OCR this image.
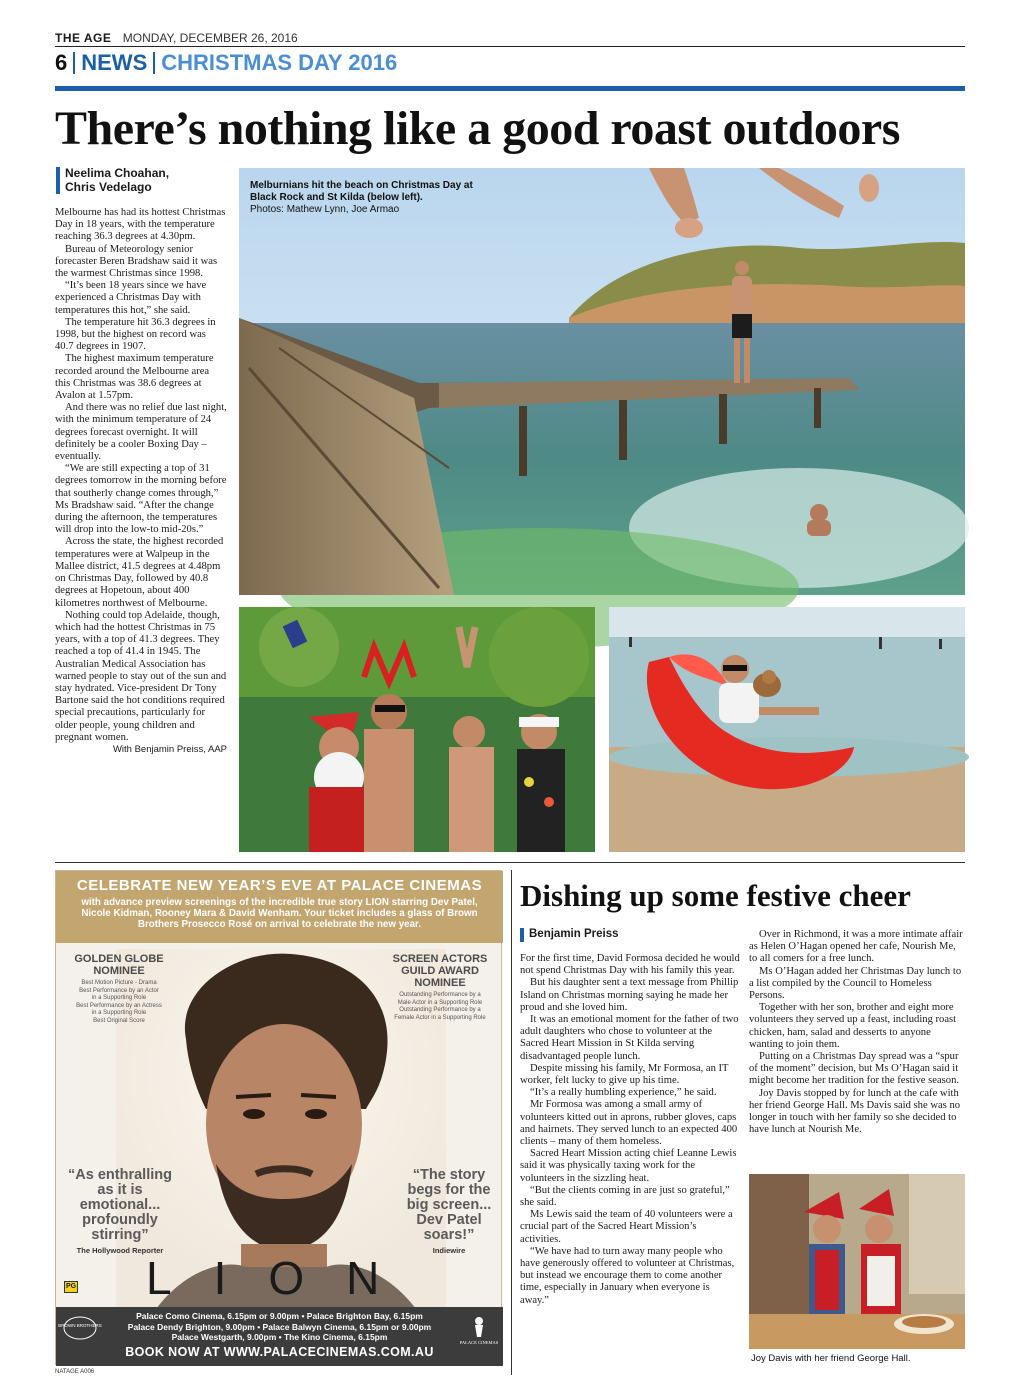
THE AGE MONDAY, DECEMBER 26, 2016
6 NEWS CHRISTMAS DAY 2016
There’s nothing like a good roast outdoors
Neelima Choahan,
Chris Vedelago

Melbourne has had its hottest Christmas Day in 18 years, with the temperature reaching 36.3 degrees at 4.30pm.

Bureau of Meteorology senior forecaster Beren Bradshaw said it was the warmest Christmas since 1998.

“It’s been 18 years since we have experienced a Christmas Day with temperatures this hot,” she said.

The temperature hit 36.3 degrees in 1998, but the highest on record was 40.7 degrees in 1907.

The highest maximum temperature recorded around the Melbourne area this Christmas was 38.6 degrees at Avalon at 1.57pm.

And there was no relief due last night, with the minimum temperature of 24 degrees forecast overnight. It will definitely be a cooler Boxing Day – eventually.

“We are still expecting a top of 31 degrees tomorrow in the morning before that southerly change comes through,” Ms Bradshaw said. “After the change during the afternoon, the temperatures will drop into the low-to mid-20s.”

Across the state, the highest recorded temperatures were at Walpeup in the Mallee district, 41.5 degrees at 4.48pm on Christmas Day, followed by 40.8 degrees at Hopetoun, about 400 kilometres northwest of Melbourne.

Nothing could top Adelaide, though, which had the hottest Christmas in 75 years, with a top of 41.3 degrees. They reached a top of 41.4 in 1945. The Australian Medical Association has warned people to stay out of the sun and stay hydrated. Vice-president Dr Tony Bartone said the hot conditions required special precautions, particularly for older people, young children and pregnant women.

With Benjamin Preiss, AAP

Melburnians hit the beach on Christmas Day at Black Rock and St Kilda (below left).
Photos: Mathew Lynn, Joe Armao
CELEBRATE NEW YEAR’S EVE AT PALACE CINEMAS
with advance preview screenings of the incredible true story LION starring Dev Patel, Nicole Kidman, Rooney Mara & David Wenham. Your ticket includes a glass of Brown Brothers Prosecco Rosé on arrival to celebrate the new year.
GOLDEN GLOBE NOMINEE
Best Motion Picture - Drama
Best Performance by an Actor
in a Supporting Role
Best Performance by an Actress
in a Supporting Role
Best Original Score
SCREEN ACTORS GUILD AWARD NOMINEE
Outstanding Performance by a
Male Actor in a Supporting Role
Outstanding Performance by a
Female Actor in a Supporting Role
“As enthralling as it is emotional... profoundly stirring”
The Hollywood Reporter
“The story begs for the big screen... Dev Patel soars!”
Indiewire
PG LION
BROWN BROTHERS
PALACE CINEMAS
Palace Como Cinema, 6.15pm or 9.00pm • Palace Brighton Bay, 6.15pm
Palace Dendy Brighton, 9.00pm • Palace Balwyn Cinema, 6.15pm or 9.00pm
Palace Westgarth, 9.00pm • The Kino Cinema, 6.15pm
BOOK NOW AT WWW.PALACECINEMAS.COM.AU
NATAGE A006
Dishing up some festive cheer
Benjamin Preiss

For the first time, David Formosa decided he would not spend Christmas Day with his family this year.

But his daughter sent a text message from Phillip Island on Christmas morning saying he made her proud and she loved him.

It was an emotional moment for the father of two adult daughters who chose to volunteer at the Sacred Heart Mission in St Kilda serving disadvantaged people lunch.

Despite missing his family, Mr Formosa, an IT worker, felt lucky to give up his time.

“It’s a really humbling experience,” he said.

Mr Formosa was among a small army of volunteers kitted out in aprons, rubber gloves, caps and hairnets. They served lunch to an expected 400 clients – many of them homeless.

Sacred Heart Mission acting chief Leanne Lewis said it was physically taxing work for the volunteers in the sizzling heat.

“But the clients coming in are just so grateful,” she said.

Ms Lewis said the team of 40 volunteers were a crucial part of the Sacred Heart Mission’s activities.

“We have had to turn away many people who have generously offered to volunteer at Christmas, but instead we encourage them to come another time, especially in January when everyone is away.”

Over in Richmond, it was a more intimate affair as Helen O’Hagan opened her cafe, Nourish Me, to all comers for a free lunch.

Ms O’Hagan added her Christmas Day lunch to a list compiled by the Council to Homeless Persons.

Together with her son, brother and eight more volunteers they served up a feast, including roast chicken, ham, salad and desserts to anyone wanting to join them.

Putting on a Christmas Day spread was a “spur of the moment” decision, but Ms O’Hagan said it might become her tradition for the festive season.

Joy Davis stopped by for lunch at the cafe with her friend George Hall. Ms Davis said she was no longer in touch with her family so she decided to have lunch at Nourish Me.

Joy Davis with her friend George Hall.
